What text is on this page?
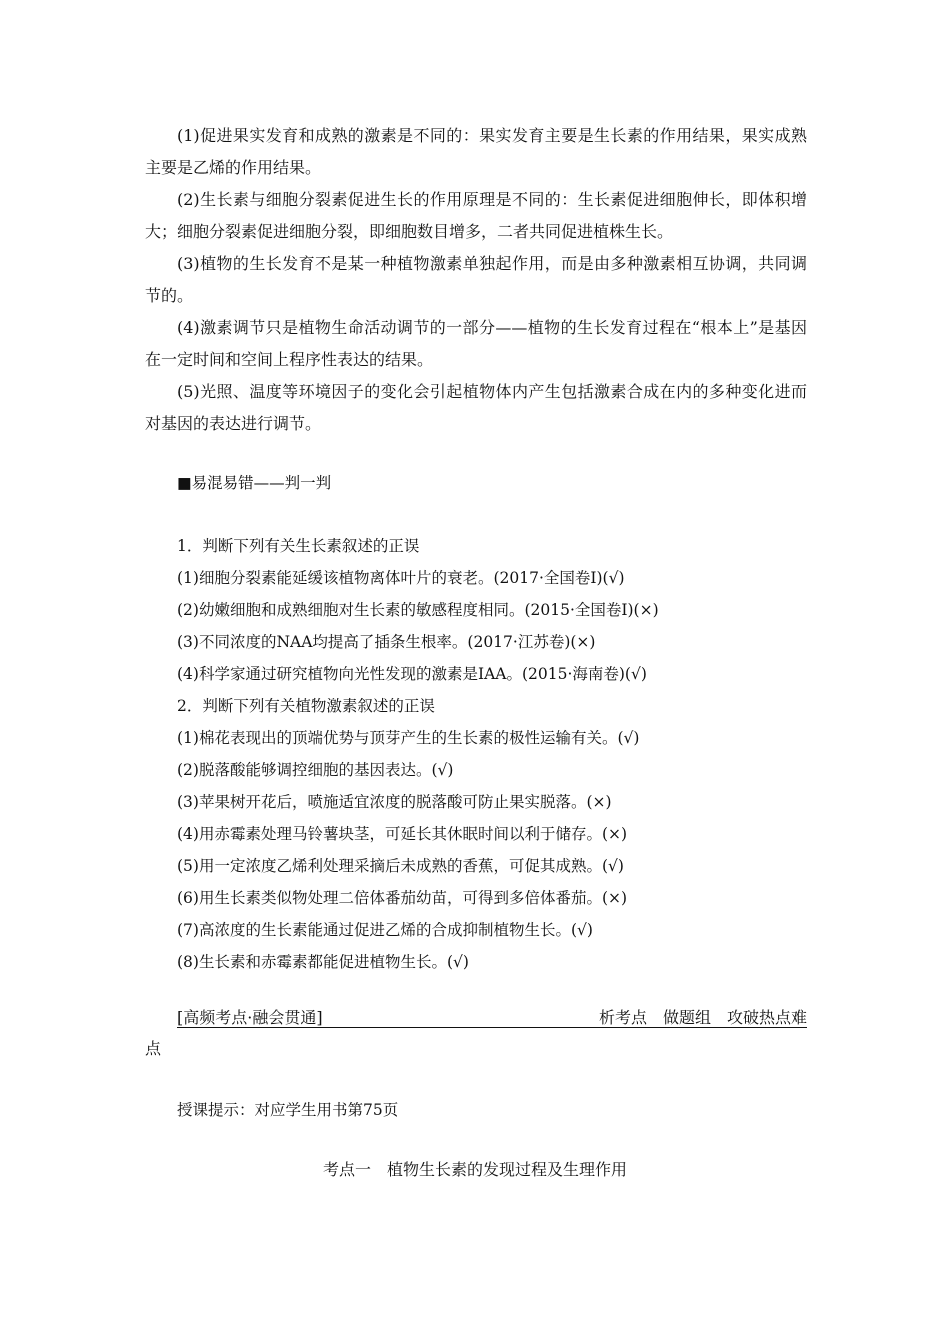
(1)促进果实发育和成熟的激素是不同的：果实发育主要是生长素的作用结果，果实成熟主要是乙烯的作用结果。

(2)生长素与细胞分裂素促进生长的作用原理是不同的：生长素促进细胞伸长，即体积增大；细胞分裂素促进细胞分裂，即细胞数目增多，二者共同促进植株生长。

(3)植物的生长发育不是某一种植物激素单独起作用，而是由多种激素相互协调，共同调节的。

(4)激素调节只是植物生命活动调节的一部分——植物的生长发育过程在“根本上”是基因在一定时间和空间上程序性表达的结果。

(5)光照、温度等环境因子的变化会引起植物体内产生包括激素合成在内的多种变化进而对基因的表达进行调节。

■易混易错——判一判

1．判断下列有关生长素叙述的正误

(1)细胞分裂素能延缓该植物离体叶片的衰老。(2017·全国卷Ⅰ)(√)

(2)幼嫩细胞和成熟细胞对生长素的敏感程度相同。(2015·全国卷Ⅰ)(×)

(3)不同浓度的NAA均提高了插条生根率。(2017·江苏卷)(×)

(4)科学家通过研究植物向光性发现的激素是IAA。(2015·海南卷)(√)

2．判断下列有关植物激素叙述的正误

(1)棉花表现出的顶端优势与顶芽产生的生长素的极性运输有关。(√)

(2)脱落酸能够调控细胞的基因表达。(√)

(3)苹果树开花后，喷施适宜浓度的脱落酸可防止果实脱落。(×)

(4)用赤霉素处理马铃薯块茎，可延长其休眠时间以利于储存。(×)

(5)用一定浓度乙烯利处理采摘后未成熟的香蕉，可促其成熟。(√)

(6)用生长素类似物处理二倍体番茄幼苗，可得到多倍体番茄。(×)

(7)高浓度的生长素能通过促进乙烯的合成抑制植物生长。(√)

(8)生长素和赤霉素都能促进植物生长。(√)

[高频考点·融会贯通]	析考点　做题组　攻破热点难
点

授课提示：对应学生用书第75页

考点一　植物生长素的发现过程及生理作用
